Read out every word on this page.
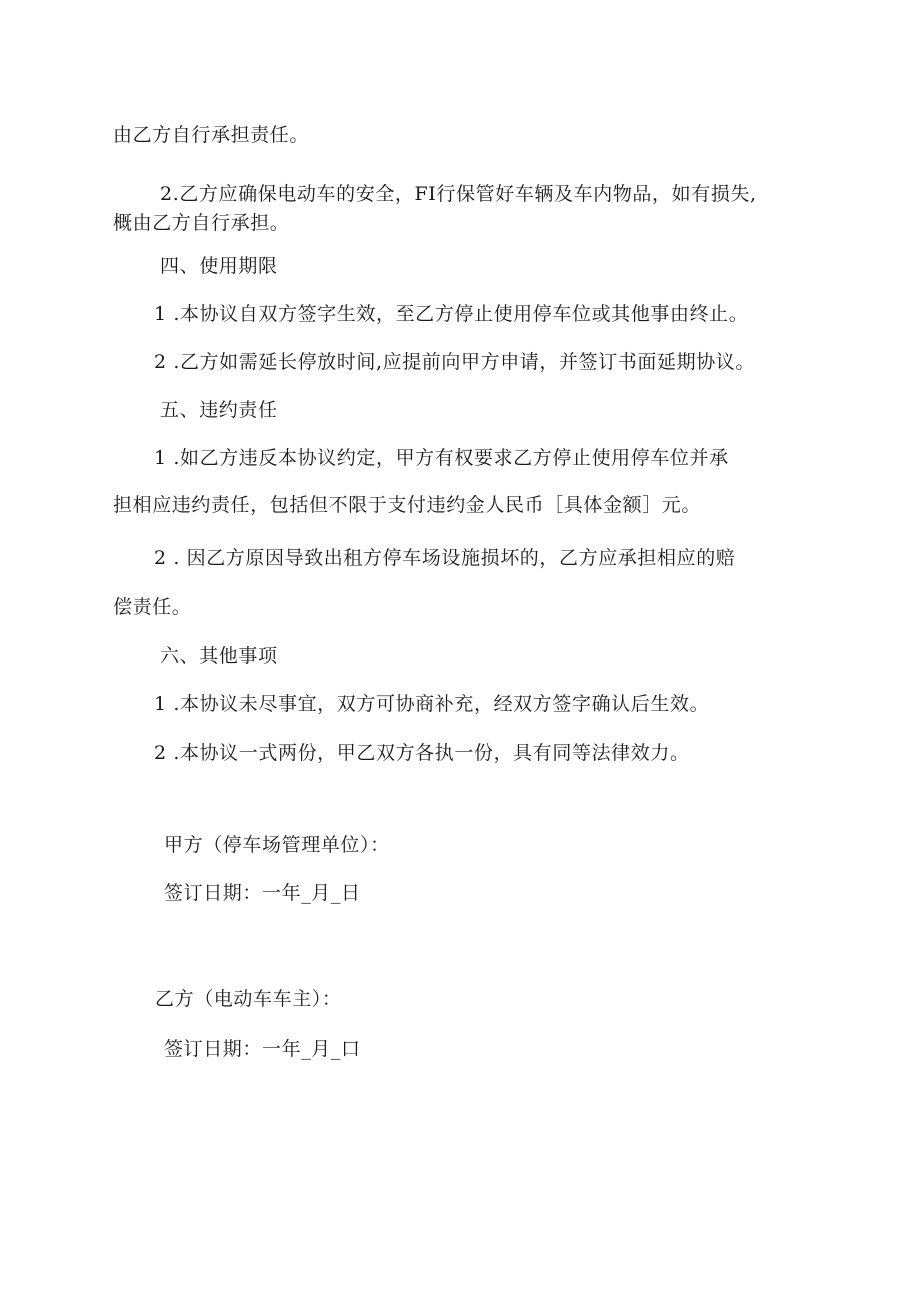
由乙方自行承担责任。
2.乙方应确保电动车的安全，FI行保管好车辆及车内物品，如有损失,
概由乙方自行承担。
四、使用期限
1 .本协议自双方签字生效，至乙方停止使用停车位或其他事由终止。
2 .乙方如需延长停放时间,应提前向甲方申请，并签订书面延期协议。
五、违约责任
1 .如乙方违反本协议约定，甲方有权要求乙方停止使用停车位并承
担相应违约责任，包括但不限于支付违约金人民币［具体金额］元。
2 . 因乙方原因导致出租方停车场设施损坏的，乙方应承担相应的赔
偿责任。
六、其他事项
1 .本协议未尽事宜，双方可协商补充，经双方签字确认后生效。
2 .本协议一式两份，甲乙双方各执一份，具有同等法律效力。
甲方（停车场管理单位）：
签订日期：一年_月_日
乙方（电动车车主）：
签订日期：一年_月_口
